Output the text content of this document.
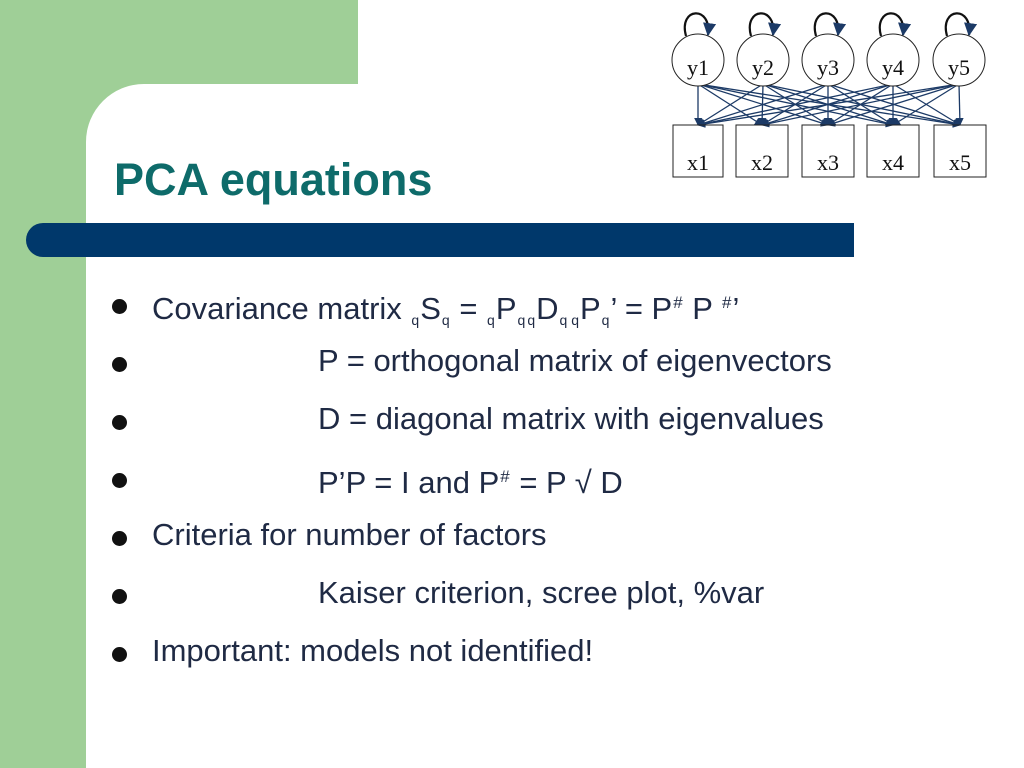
PCA equations
y1 y2 y3 y4 y5
x1 x2 x3 x4 x5
Covariance matrix $_qS_q = _qP_q$ $_qD_{q q}P_q$’ = P# P #’
P = orthogonal matrix of eigenvectors
D = diagonal matrix with eigenvalues
P’P = I and P# = P √ D
Criteria for number of factors
Kaiser criterion, scree plot, %var
Important: models not identified!
